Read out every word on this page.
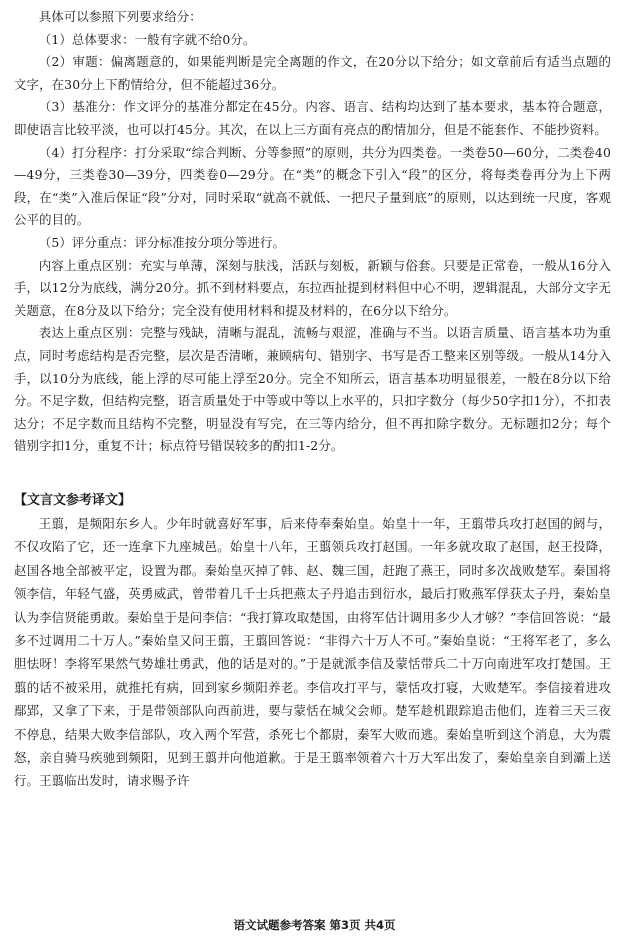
具体可以参照下列要求给分：

（1）总体要求：一般有字就不给0分。

（2）审题：偏离题意的，如果能判断是完全离题的作文，在20分以下给分；如文章前后有适当点题的文字，在30分上下酌情给分，但不能超过36分。

（3）基准分：作文评分的基准分都定在45分。内容、语言、结构均达到了基本要求，基本符合题意，即使语言比较平淡，也可以打45分。其次，在以上三方面有亮点的酌情加分，但是不能套作、不能抄资料。

（4）打分程序：打分采取“综合判断、分等参照”的原则，共分为四类卷。一类卷50—60分，二类卷40—49分，三类卷30—39分，四类卷0—29分。在“类”的概念下引入“段”的区分，将每类卷再分为上下两段，在“类”入准后保证“段”分对，同时采取“就高不就低、一把尺子量到底”的原则，以达到统一尺度，客观公平的目的。

（5）评分重点：评分标准按分项分等进行。

内容上重点区别：充实与单薄，深刻与肤浅，活跃与刻板，新颖与俗套。只要是正常卷，一般从16分入手，以12分为底线，满分20分。抓不到材料要点，东拉西扯提到材料但中心不明，逻辑混乱，大部分文字无关题意，在8分及以下给分；完全没有使用材料和提及材料的，在6分以下给分。

表达上重点区别：完整与残缺，清晰与混乱，流畅与艰涩，准确与不当。以语言质量、语言基本功为重点，同时考虑结构是否完整，层次是否清晰，兼顾病句、错别字、书写是否工整来区别等级。一般从14分入手，以10分为底线，能上浮的尽可能上浮至20分。完全不知所云，语言基本功明显很差，一般在8分以下给分。不足字数，但结构完整，语言质量处于中等或中等以上水平的，只扣字数分（每少50字扣1分），不扣表达分；不足字数而且结构不完整，明显没有写完，在三等内给分，但不再扣除字数分。无标题扣2分；每个错别字扣1分，重复不计；标点符号错误较多的酌扣1-2分。

【文言文参考译文】

王翦，是频阳东乡人。少年时就喜好军事，后来侍奉秦始皇。始皇十一年，王翦带兵攻打赵国的阏与，不仅攻陷了它，还一连拿下九座城邑。始皇十八年，王翦领兵攻打赵国。一年多就攻取了赵国，赵王投降，赵国各地全部被平定，设置为郡。秦始皇灭掉了韩、赵、魏三国，赶跑了燕王，同时多次战败楚军。秦国将领李信，年轻气盛，英勇威武，曾带着几千士兵把燕太子丹追击到衍水，最后打败燕军俘获太子丹，秦始皇认为李信贤能勇敢。秦始皇于是问李信：“我打算攻取楚国，由将军估计调用多少人才够？”李信回答说：“最多不过调用二十万人。”秦始皇又问王翦，王翦回答说：“非得六十万人不可。”秦始皇说：“王将军老了，多么胆怯呀！李将军果然气势雄壮勇武，他的话是对的。”于是就派李信及蒙恬带兵二十万向南进军攻打楚国。王翦的话不被采用，就推托有病，回到家乡频阳养老。李信攻打平与，蒙恬攻打寝，大败楚军。李信接着进攻鄢郢，又拿了下来，于是带领部队向西前进，要与蒙恬在城父会师。楚军趁机跟踪追击他们，连着三天三夜不停息，结果大败李信部队，攻入两个军营，杀死七个都尉，秦军大败而逃。秦始皇听到这个消息，大为震怒，亲自骑马疾驰到频阳，见到王翦并向他道歉。于是王翦率领着六十万大军出发了，秦始皇亲自到灞上送行。王翦临出发时，请求赐予许

语文试题参考答案 第3页 共4页
